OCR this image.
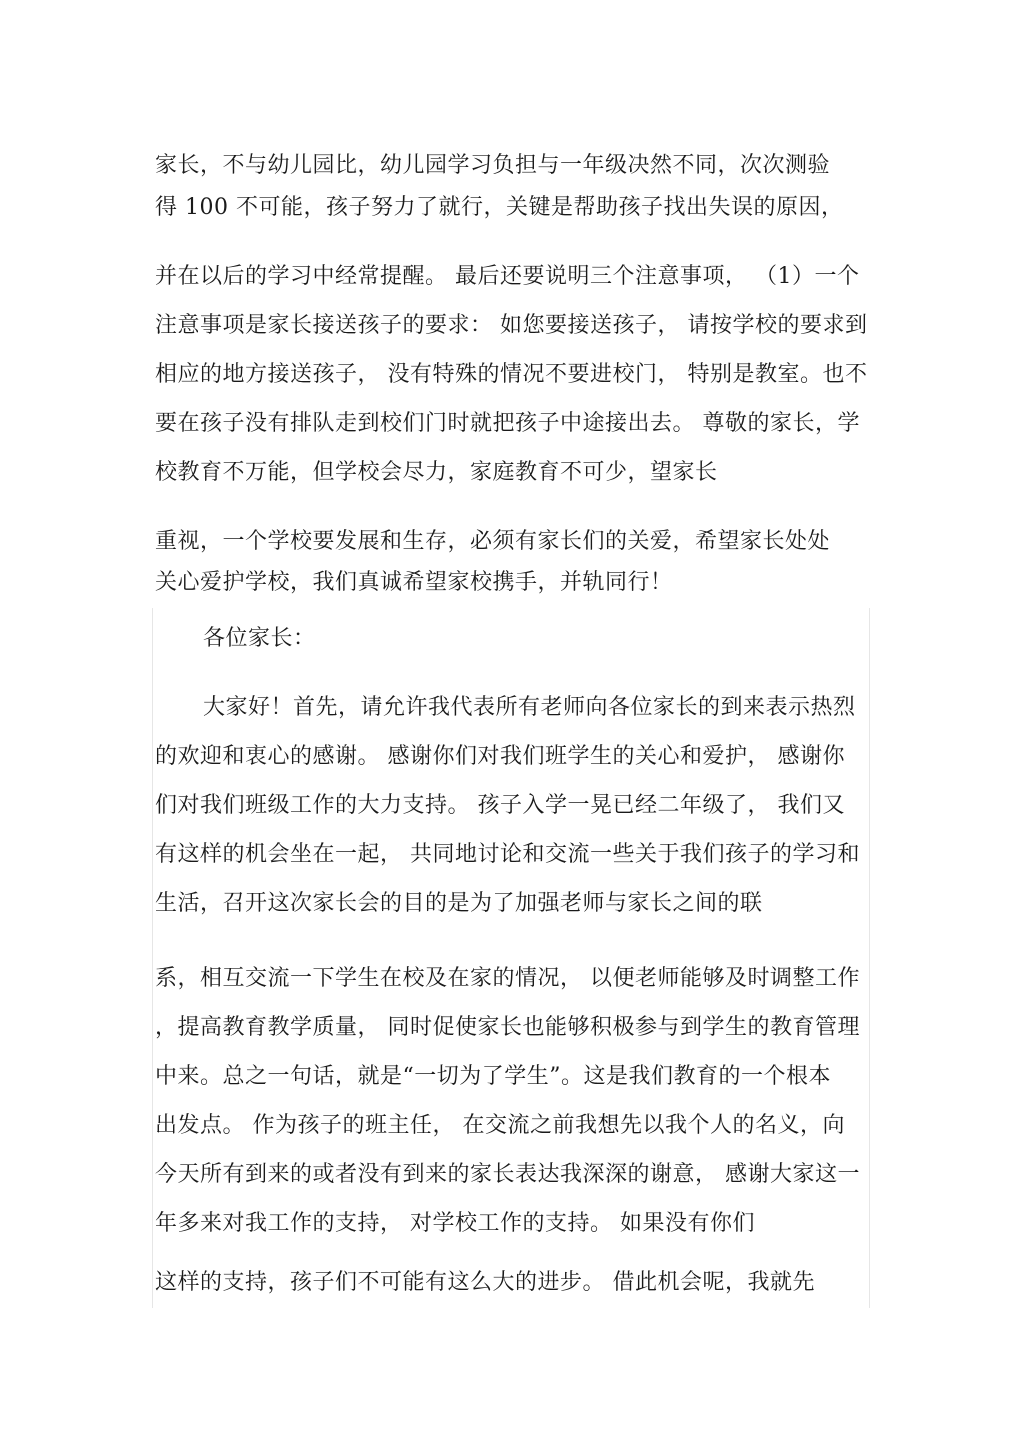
家长，不与幼儿园比，幼儿园学习负担与一年级决然不同，次次测验
得 100 不可能，孩子努力了就行，关键是帮助孩子找出失误的原因，
并在以后的学习中经常提醒。 最后还要说明三个注意事项， （1）一个
注意事项是家长接送孩子的要求： 如您要接送孩子， 请按学校的要求到
相应的地方接送孩子， 没有特殊的情况不要进校门， 特别是教室。也不
要在孩子没有排队走到校们门时就把孩子中途接出去。 尊敬的家长，学
校教育不万能，但学校会尽力，家庭教育不可少，望家长
重视，一个学校要发展和生存，必须有家长们的关爱，希望家长处处
关心爱护学校，我们真诚希望家校携手，并轨同行！
各位家长：
大家好！首先，请允许我代表所有老师向各位家长的到来表示热烈
的欢迎和衷心的感谢。 感谢你们对我们班学生的关心和爱护， 感谢你
们对我们班级工作的大力支持。 孩子入学一晃已经二年级了， 我们又
有这样的机会坐在一起， 共同地讨论和交流一些关于我们孩子的学习和
生活，召开这次家长会的目的是为了加强老师与家长之间的联
系，相互交流一下学生在校及在家的情况， 以便老师能够及时调整工作
，提高教育教学质量， 同时促使家长也能够积极参与到学生的教育管理
中来。总之一句话，就是“一切为了学生”。这是我们教育的一个根本
出发点。 作为孩子的班主任， 在交流之前我想先以我个人的名义，向
今天所有到来的或者没有到来的家长表达我深深的谢意， 感谢大家这一
年多来对我工作的支持， 对学校工作的支持。 如果没有你们
这样的支持，孩子们不可能有这么大的进步。 借此机会呢，我就先
